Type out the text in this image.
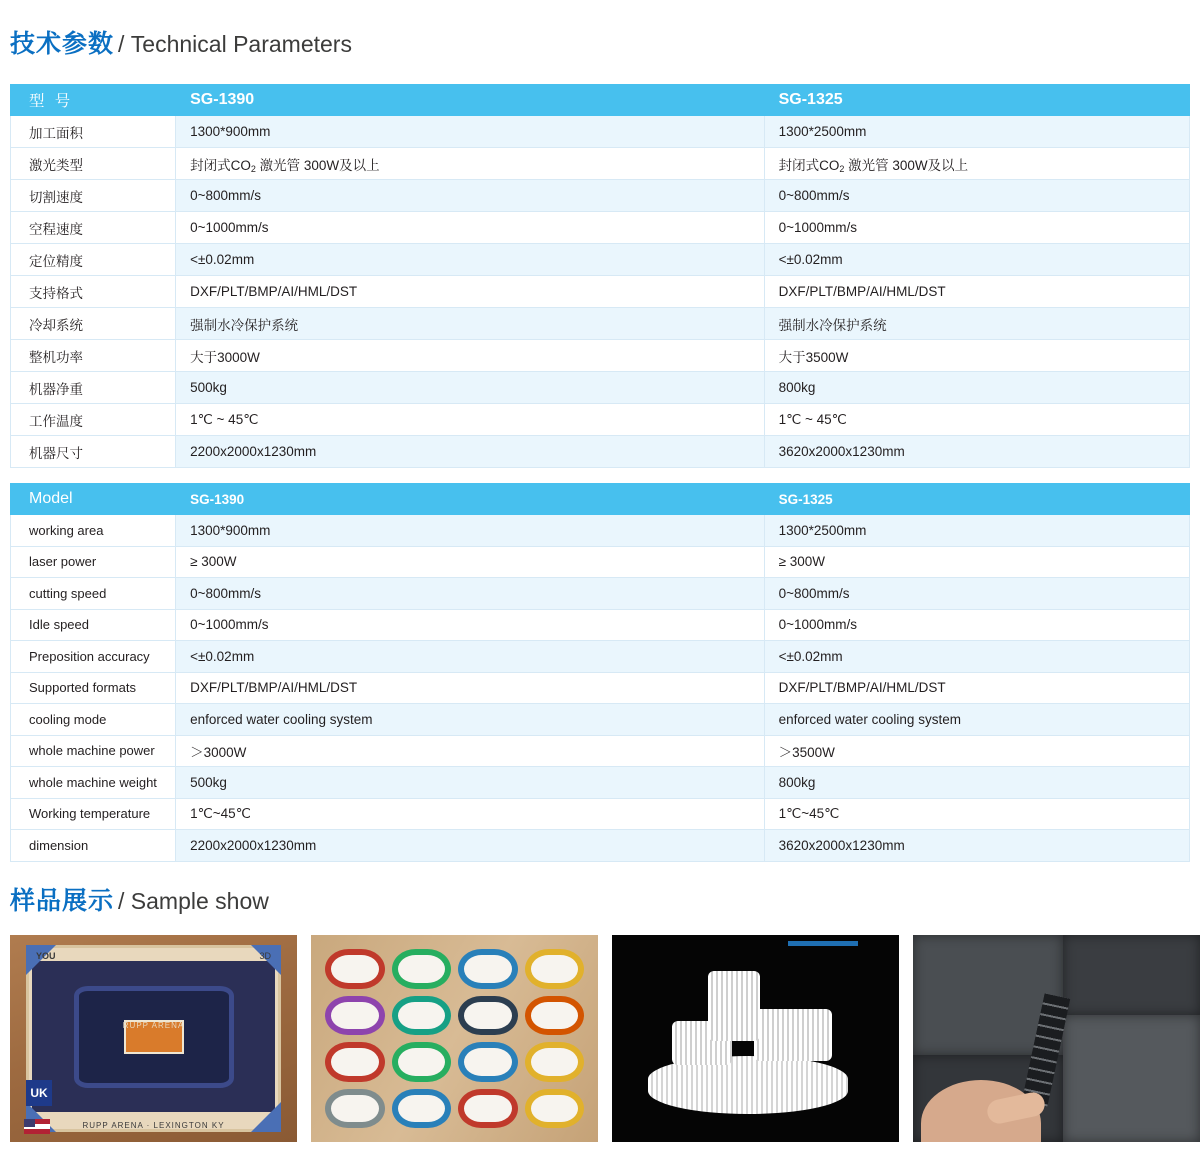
技术参数 / Technical Parameters
型 号	SG-1390	SG-1325
加工面积	1300*900mm	1300*2500mm
激光类型	封闭式$CO_2$ 激光管 300W及以上	封闭式$CO_2$ 激光管 300W及以上
切割速度	0~800mm/s	0~800mm/s
空程速度	0~1000mm/s	0~1000mm/s
定位精度	<±0.02mm	<±0.02mm
支持格式	DXF/PLT/BMP/AI/HML/DST	DXF/PLT/BMP/AI/HML/DST
冷却系统	强制水冷保护系统	强制水冷保护系统
整机功率	大于3000W	大于3500W
机器净重	500kg	800kg
工作温度	1℃ ~ 45℃	1℃ ~ 45℃
机器尺寸	2200x2000x1230mm	3620x2000x1230mm
Model	SG-1390	SG-1325
working area	1300*900mm	1300*2500mm
laser power	≥ 300W	≥ 300W
cutting speed	0~800mm/s	0~800mm/s
Idle speed	0~1000mm/s	0~1000mm/s
Preposition accuracy	<±0.02mm	<±0.02mm
Supported formats	DXF/PLT/BMP/AI/HML/DST	DXF/PLT/BMP/AI/HML/DST
cooling mode	enforced water cooling system	enforced water cooling system
whole machine power	＞3000W	＞3500W
whole machine weight	500kg	800kg
Working temperature	1℃~45℃	1℃~45℃
dimension	2200x2000x1230mm	3620x2000x1230mm
样品展示 / Sample show
RUPP ARENA
YOU	3D
UK
RUPP ARENA · LEXINGTON KY
